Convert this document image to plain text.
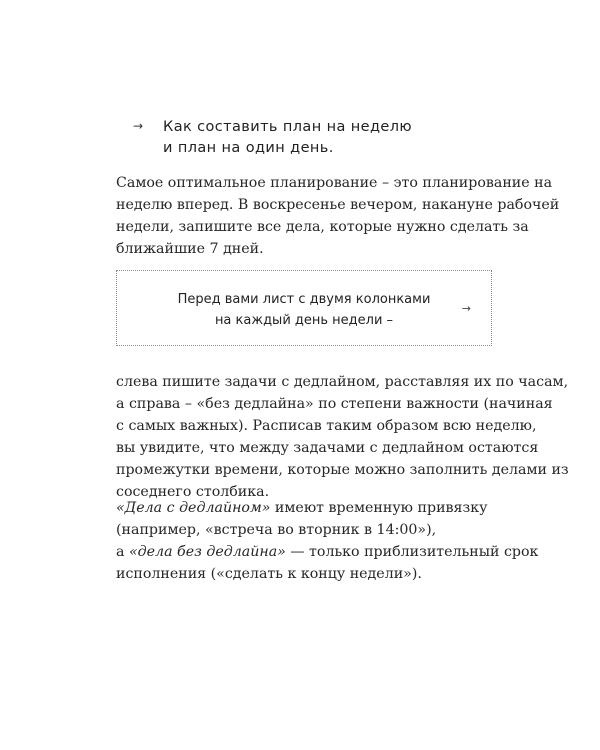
→	Как составить план на неделю
и план на один день.
Самое оптимальное планирование – это планирование на
неделю вперед. В воскресенье вечером, накануне рабочей
недели, запишите все дела, которые нужно сделать за
ближайшие 7 дней.
Перед вами лист с двумя колонками
на каждый день недели –
→
слева пишите задачи с дедлайном, расставляя их по часам,
а справа – «без дедлайна» по степени важности (начиная
с самых важных). Расписав таким образом всю неделю,
вы увидите, что между задачами с дедлайном остаются
промежутки времени, которые можно заполнить делами из
соседнего столбика.
«Дела с дедлайном» имеют временную привязку
(например, «встреча во вторник в 14:00»),
а «дела без дедлайна» — только приблизительный срок
исполнения («сделать к концу недели»).
